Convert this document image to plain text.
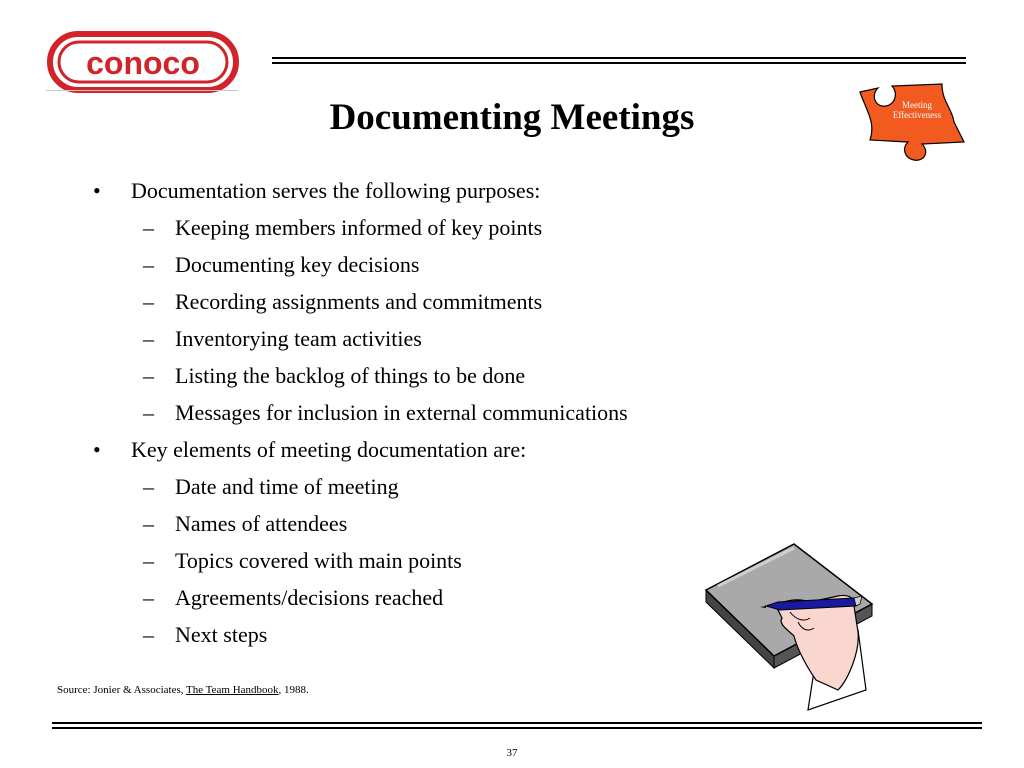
conoco
Documenting Meetings	Meeting
Effectiveness
• Documentation serves the following purposes:
– Keeping members informed of key points
– Documenting key decisions
– Recording assignments and commitments
– Inventorying team activities
– Listing the backlog of things to be done
– Messages for inclusion in external communications
• Key elements of meeting documentation are:
– Date and time of meeting
– Names of attendees
– Topics covered with main points
– Agreements/decisions reached
– Next steps
Source: Jonier & Associates, The Team Handbook, 1988.
37
